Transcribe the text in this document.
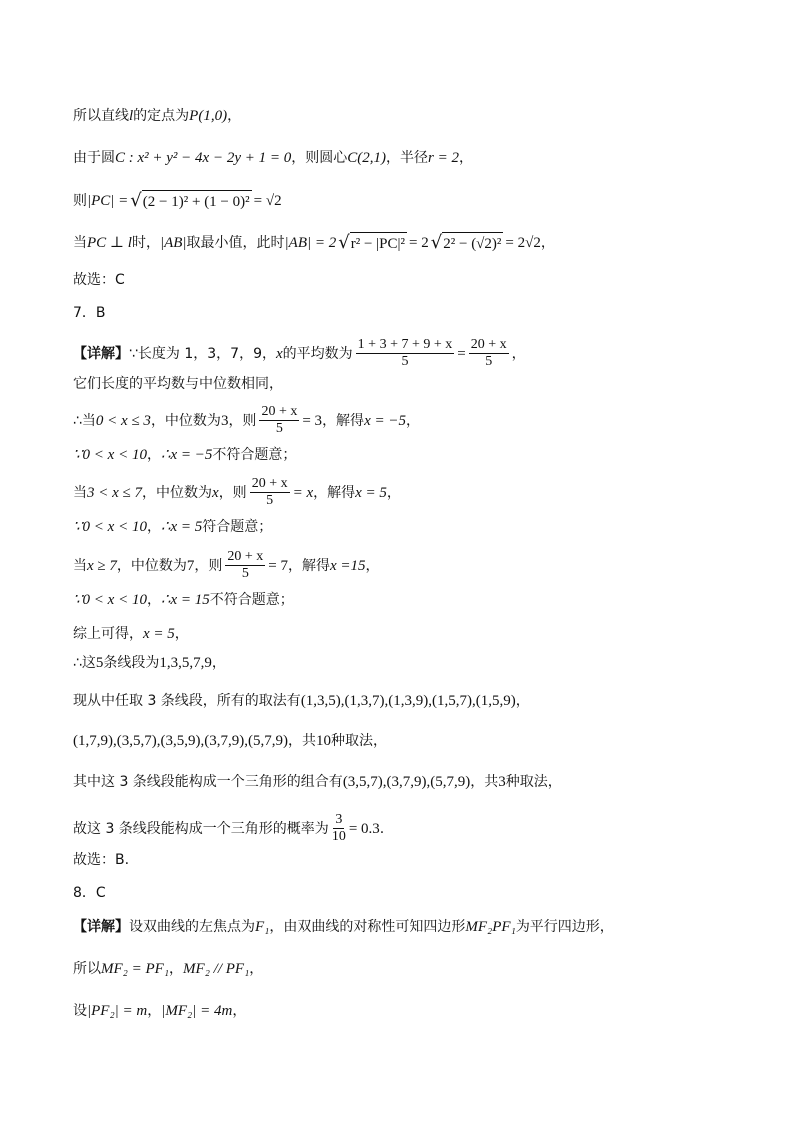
所以直线 l 的定点为 P(1,0) ，
由于圆 C : x² + y² − 4x − 2y + 1 = 0 ，则圆心 C(2,1) ，半径 r = 2 ，
则 |PC| = √ (2 − 1)² + (1 − 0)² = √2
当 PC ⊥ l 时， |AB| 取最小值，此时 |AB| = 2 √ r² − |PC|² = 2 √ 2² − (√2)² = 2√2 ，
故选：C
7．B
【详解】 ∵长度为 1，3，7，9， x 的平均数为 $\frac{1 + 3 + 7 + 9 + x}{5} = \frac{20 + x}{5}$ ，
它们长度的平均数与中位数相同，
∴当 0 < x ≤ 3 ，中位数为 3 ，则 $\frac{20 + x}{5} = 3$ ，解得 x = −5 ，
∵0 < x < 10 ， ∴x = −5 不符合题意；
当 3 < x ≤ 7 ，中位数为 x ，则 $\frac{20 + x}{5} = x$ ，解得 x = 5 ，
∵0 < x < 10 ， ∴x = 5 符合题意；
当 x ≥ 7 ，中位数为 7 ，则 $\frac{20 + x}{5} = 7$ ，解得 x =15 ，
∵0 < x < 10 ， ∴x = 15 不符合题意；
综上可得， x = 5 ，
∴这 5 条线段为 1,3,5,7,9 ，
现从中任取 3 条线段，所有的取法有 (1,3,5),(1,3,7),(1,3,9),(1,5,7),(1,5,9) ，
(1,7,9),(3,5,7),(3,5,9),(3,7,9),(5,7,9) ，共 10 种取法，
其中这 3 条线段能构成一个三角形的组合有 (3,5,7),(3,7,9),(5,7,9) ，共 3 种取法，
故这 3 条线段能构成一个三角形的概率为 $\frac{3}{10} = 0.3$ .
故选：B.
8．C
【详解】 设双曲线的左焦点为 F₁ ，由双曲线的对称性可知四边形 MF₂PF₁ 为平行四边形，
所以 MF₂ = PF₁ ， MF₂ // PF₁ ，
设 |PF₂| = m ， |MF₂| = 4m ，
